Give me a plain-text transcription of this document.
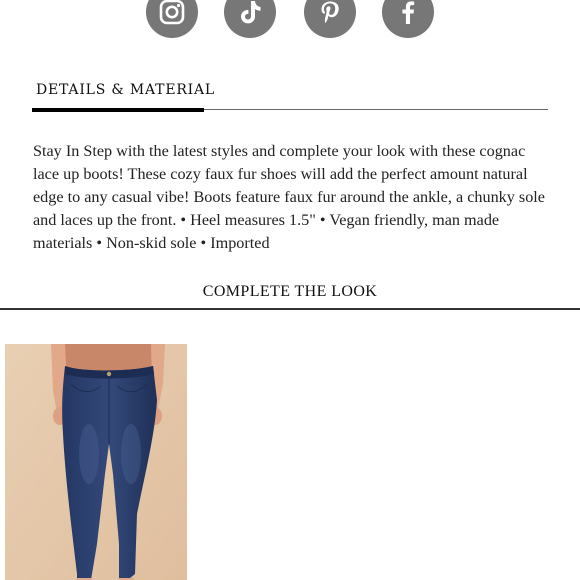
DETAILS & MATERIAL

Stay In Step with the latest styles and complete your look with these cognac lace up boots! These cozy faux fur shoes will add the perfect amount natural edge to any casual vibe! Boots feature faux fur around the ankle, a chunky sole and laces up the front. • Heel measures 1.5" • Vegan friendly, man made materials • Non-skid sole • Imported

COMPLETE THE LOOK
